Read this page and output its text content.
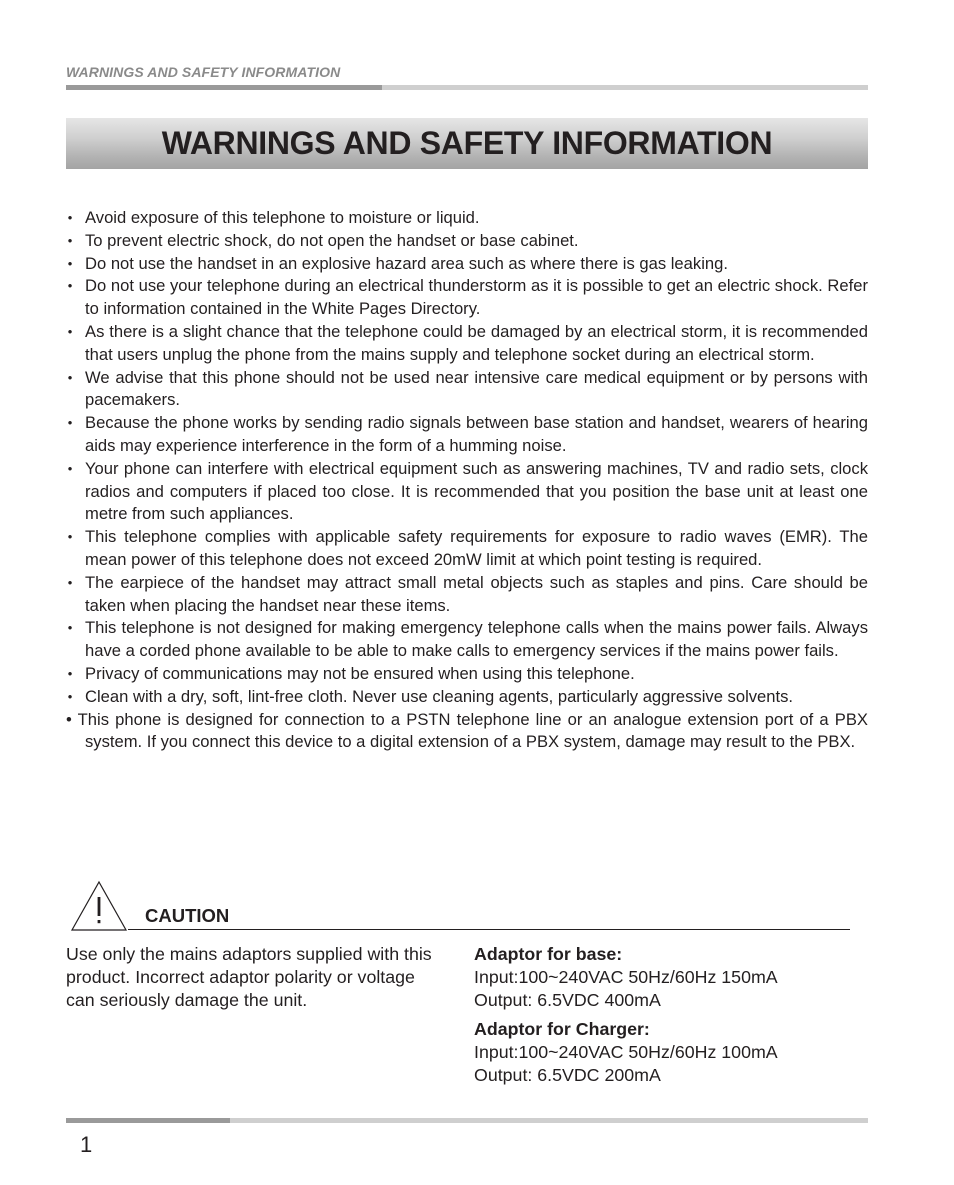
WARNINGS AND SAFETY INFORMATION
WARNINGS AND SAFETY INFORMATION
• Avoid exposure of this telephone to moisture or liquid.
• To prevent electric shock, do not open the handset or base cabinet.
• Do not use the handset in an explosive hazard area such as where there is gas leaking.
• Do not use your telephone during an electrical thunderstorm as it is possible to get an electric shock. Refer to information contained in the White Pages Directory.
• As there is a slight chance that the telephone could be damaged by an electrical storm, it is recommended that users unplug the phone from the mains supply and telephone socket during an electrical storm.
• We advise that this phone should not be used near intensive care medical equipment or by persons with pacemakers.
• Because the phone works by sending radio signals between base station and handset, wearers of hearing aids may experience interference in the form of a humming noise.
• Your phone can interfere with electrical equipment such as answering machines, TV and radio sets, clock radios and computers if placed too close. It is recommended that you position the base unit at least one metre from such appliances.
• This telephone complies with applicable safety requirements for exposure to radio waves (EMR). The mean power of this telephone does not exceed 20mW limit at which point testing is required.
• The earpiece of the handset may attract small metal objects such as staples and pins. Care should be taken when placing the handset near these items.
• This telephone is not designed for making emergency telephone calls when the mains power fails. Always have a corded phone available to be able to make calls to emergency services if the mains power fails.
• Privacy of communications may not be ensured when using this telephone.
• Clean with a dry, soft, lint-free cloth. Never use cleaning agents, particularly aggressive solvents.
• This phone is designed for connection to a PSTN telephone line or an analogue extension port of a PBX system. If you connect this device to a digital extension of a PBX system, damage may result to the PBX.
CAUTION
Use only the mains adaptors supplied with this product. Incorrect adaptor polarity or voltage can seriously damage the unit.
Adaptor for base:
Input:100~240VAC 50Hz/60Hz 150mA
Output: 6.5VDC 400mA
Adaptor for Charger:
Input:100~240VAC 50Hz/60Hz 100mA
Output: 6.5VDC 200mA
1
